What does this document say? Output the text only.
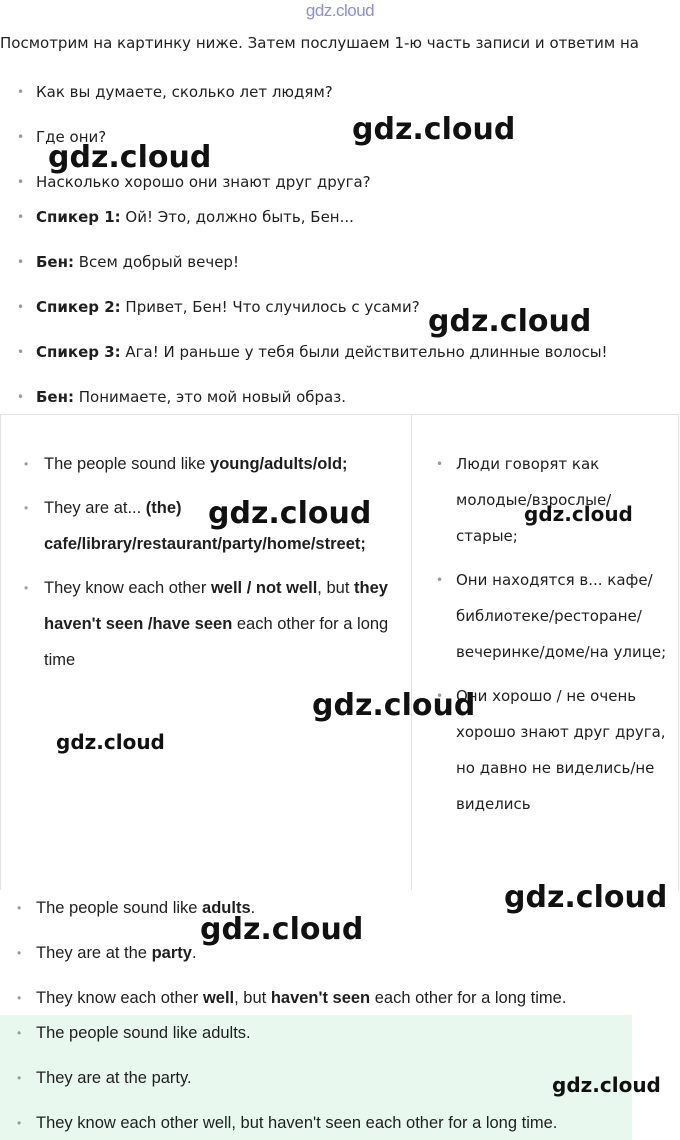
gdz.cloud
Посмотрим на картинку ниже. Затем послушаем 1-ю часть записи и ответим на
• Как вы думаете, сколько лет людям?
• Где они?
• Насколько хорошо они знают друг друга?
• Спикер 1: Ой! Это, должно быть, Бен...
• Бен: Всем добрый вечер!
• Спикер 2: Привет, Бен! Что случилось с усами?
• Спикер 3: Ага! И раньше у тебя были действительно длинные волосы!
• Бен: Понимаете, это мой новый образ.
• The people sound like young/adults/old;
• They are at... (the) cafe/library/restaurant/party/home/street;
• They know each other well / not well, but they haven't seen /have seen each other for a long time
• Люди говорят как молодые/взрослые/старые;
• Они находятся в... кафе/библиотеке/ресторане/вечеринке/доме/на улице;
• Они хорошо / не очень хорошо знают друг друга, но давно не виделись/не виделись
• The people sound like adults.
• They are at the party.
• They know each other well, but haven't seen each other for a long time.
• The people sound like adults.
• They are at the party.
• They know each other well, but haven't seen each other for a long time.
gdz.cloud
gdz.cloud
gdz.cloud
gdz.cloud	gdz.cloud
gdz.cloud
gdz.cloud
gdz.cloud
gdz.cloud
gdz.cloud
